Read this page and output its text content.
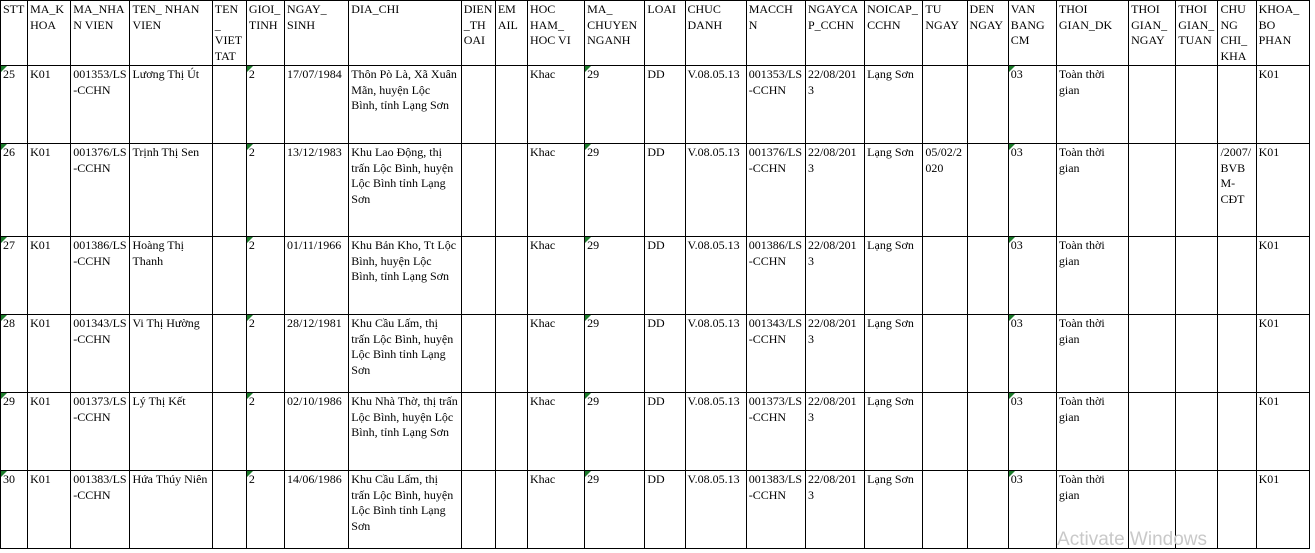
STT	MA_KHOA	MA_NHAN VIEN	TEN_ NHAN VIEN	TEN_ VIET TAT	GIOI_ TINH	NGAY_ SINH	DIA_CHI	DIEN _TH OAI	EM AIL	HOC HAM_ HOC VI	MA_ CHUYEN NGANH	LOAI	CHUC DANH	MACCH N	NGAYCA P_CCHN	NOICAP_ CCHN	TU NGAY	DEN NGAY	VAN BANG CM	THOI GIAN_DK	THOI GIAN_ NGAY	THOI GIAN_ TUAN	CHU NG CHI_ KHA	KHOA_ BO PHAN
25	K01	001353/LS-CCHN	Lương Thị Út		2	17/07/1984	Thôn Pò Là, Xã Xuân Mãn, huyện Lộc Bình, tỉnh Lạng Sơn			Khac	29	DD	V.08.05.13	001353/LS-CCHN	22/08/2013	Lạng Sơn			03	Toàn thời gian				K01
26	K01	001376/LS-CCHN	Trịnh Thị Sen		2	13/12/1983	Khu Lao Động, thị trấn Lộc Bình, huyện Lộc Bình tỉnh Lạng Sơn			Khac	29	DD	V.08.05.13	001376/LS-CCHN	22/08/2013	Lạng Sơn	05/02/2020		03	Toàn thời gian			/2007/BVBM-CĐT	K01
27	K01	001386/LS-CCHN	Hoàng Thị Thanh		2	01/11/1966	Khu Bản Kho, Tt Lộc Bình, huyện Lộc Bình, tỉnh Lạng Sơn			Khac	29	DD	V.08.05.13	001386/LS-CCHN	22/08/2013	Lạng Sơn			03	Toàn thời gian				K01
28	K01	001343/LS-CCHN	Vi Thị Hường		2	28/12/1981	Khu Cầu Lấm, thị trấn Lộc Bình, huyện Lộc Bình tỉnh Lạng Sơn			Khac	29	DD	V.08.05.13	001343/LS-CCHN	22/08/2013	Lạng Sơn			03	Toàn thời gian				K01
29	K01	001373/LS-CCHN	Lý Thị Kết		2	02/10/1986	Khu Nhà Thờ, thị trấn Lộc Bình, huyện Lộc Bình, tỉnh Lạng Sơn			Khac	29	DD	V.08.05.13	001373/LS-CCHN	22/08/2013	Lạng Sơn			03	Toàn thời gian				K01
30	K01	001383/LS-CCHN	Hứa Thúy Niên		2	14/06/1986	Khu Cầu Lấm, thị trấn Lộc Bình, huyện Lộc Bình tỉnh Lạng Sơn			Khac	29	DD	V.08.05.13	001383/LS-CCHN	22/08/2013	Lạng Sơn			03	Toàn thời gian				K01
Activate Windows
